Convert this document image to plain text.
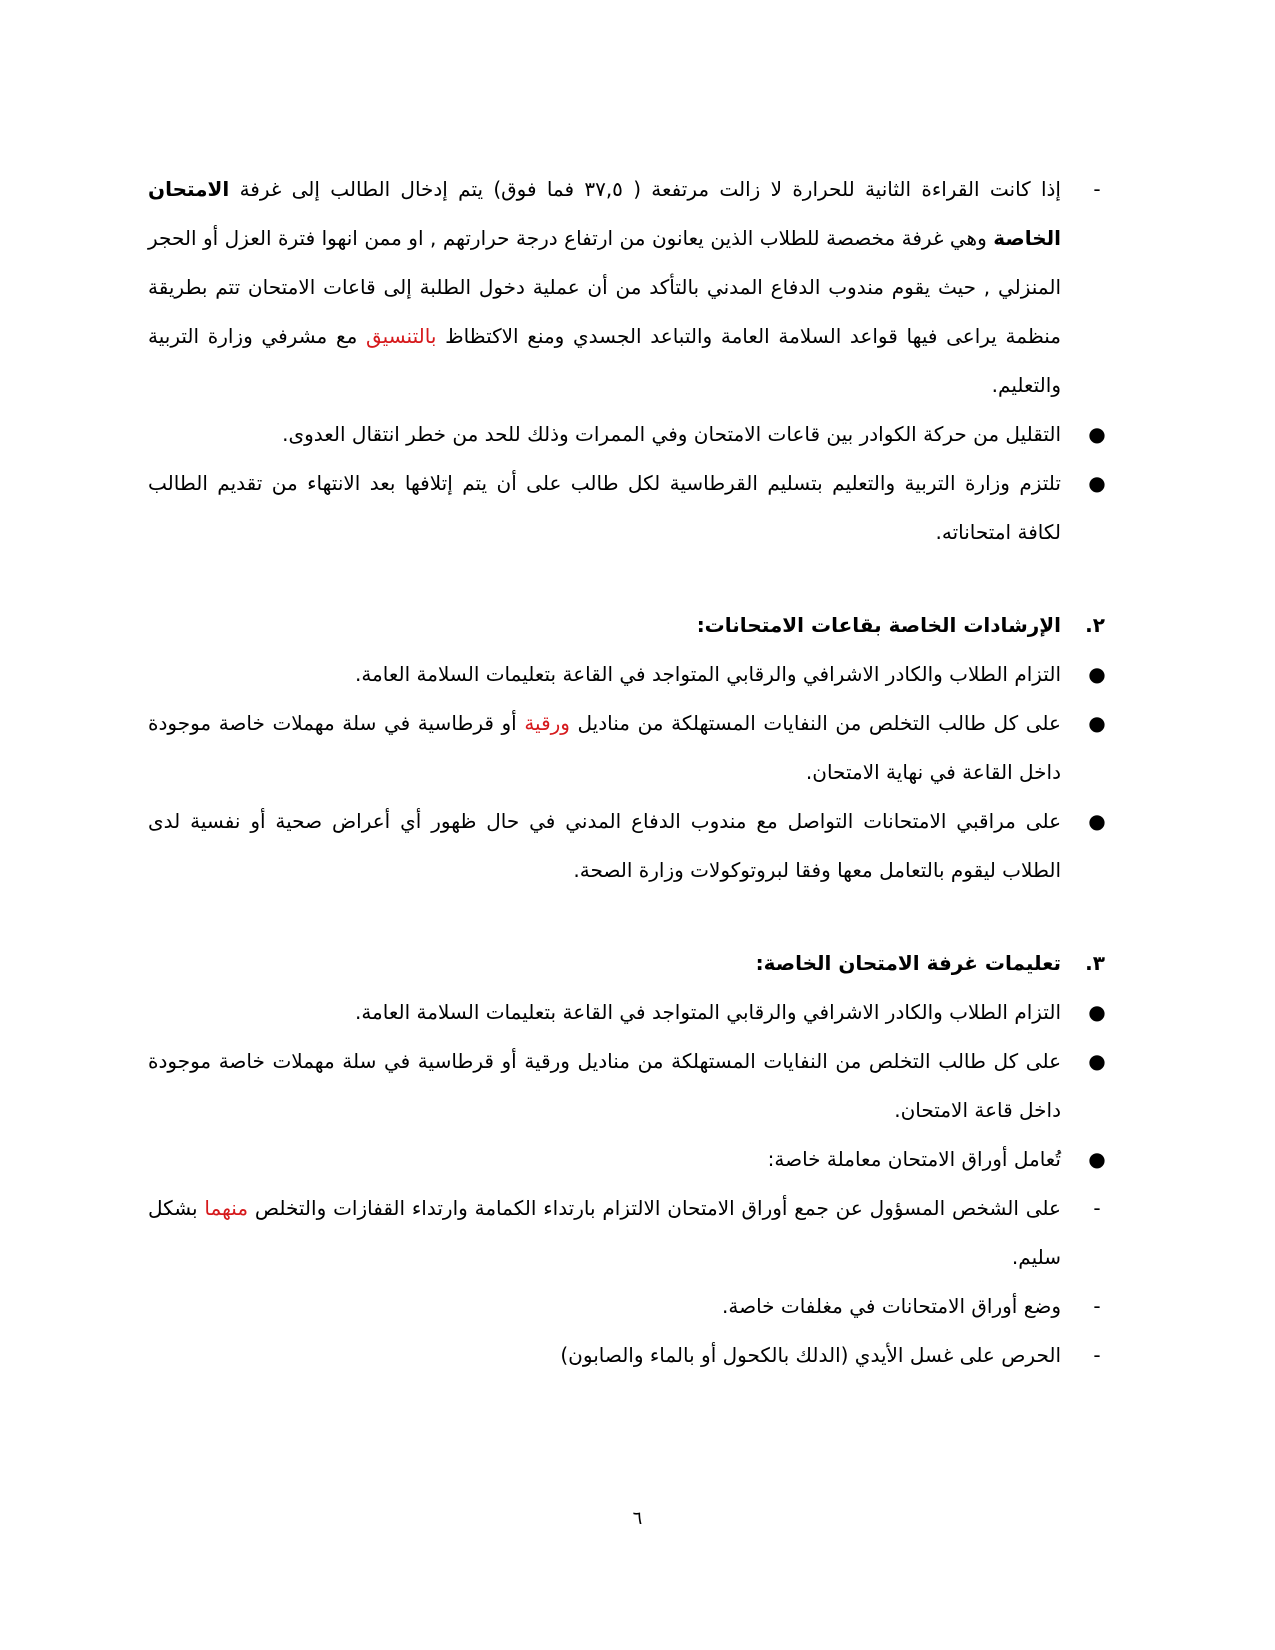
-
إذا كانت القراءة الثانية للحرارة لا زالت مرتفعة ( ٣٧,٥ فما فوق) يتم إدخال الطالب إلى غرفة الامتحان الخاصة وهي غرفة مخصصة للطلاب الذين يعانون من ارتفاع درجة حرارتهم , او ممن انهوا فترة العزل أو الحجر المنزلي , حيث يقوم مندوب الدفاع المدني بالتأكد من أن عملية دخول الطلبة إلى قاعات الامتحان تتم بطريقة منظمة يراعى فيها قواعد السلامة العامة والتباعد الجسدي ومنع الاكتظاظ بالتنسيق مع مشرفي وزارة التربية والتعليم.
●
التقليل من حركة الكوادر بين قاعات الامتحان وفي الممرات وذلك للحد من خطر انتقال العدوى.
●
تلتزم وزارة التربية والتعليم بتسليم القرطاسية لكل طالب على أن يتم إتلافها بعد الانتهاء من تقديم الطالب لكافة امتحاناته.
٢.
الإرشادات الخاصة بقاعات الامتحانات:
●
التزام الطلاب والكادر الاشرافي والرقابي المتواجد في القاعة بتعليمات السلامة العامة.
●
على كل طالب التخلص من النفايات المستهلكة من مناديل ورقية أو قرطاسية في سلة مهملات خاصة موجودة داخل القاعة في نهاية الامتحان.
●
على مراقبي الامتحانات التواصل مع مندوب الدفاع المدني في حال ظهور أي أعراض صحية أو نفسية لدى الطلاب ليقوم بالتعامل معها وفقا لبروتوكولات وزارة الصحة.
٣.
تعليمات غرفة الامتحان الخاصة:
●
التزام الطلاب والكادر الاشرافي والرقابي المتواجد في القاعة بتعليمات السلامة العامة.
●
على كل طالب التخلص من النفايات المستهلكة من مناديل ورقية أو قرطاسية في سلة مهملات خاصة موجودة داخل قاعة الامتحان.
●
تُعامل أوراق الامتحان معاملة خاصة:
-
على الشخص المسؤول عن جمع أوراق الامتحان الالتزام بارتداء الكمامة وارتداء القفازات والتخلص منهما بشكل سليم.
-
وضع أوراق الامتحانات في مغلفات خاصة.
-
الحرص على غسل الأيدي (الدلك بالكحول أو بالماء والصابون)
٦
